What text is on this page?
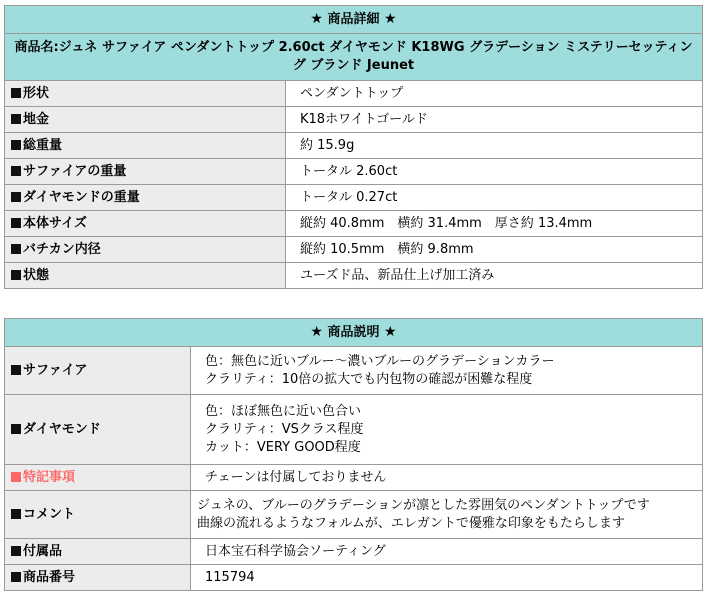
★ 商品詳細 ★	
商品名:ジュネ サファイア ペンダントトップ 2.60ct ダイヤモンド K18WG グラデーション ミステリーセッティング ブランド Jeunet	
形状	ペンダントトップ
地金	K18ホワイトゴールド
総重量	約 15.9g
サファイアの重量	トータル 2.60ct
ダイヤモンドの重量	トータル 0.27ct
本体サイズ	縦約 40.8mm　横約 31.4mm　厚さ約 13.4mm
バチカン内径	縦約 10.5mm　横約 9.8mm
状態	ユーズド品、新品仕上げ加工済み
★ 商品説明 ★	
サファイア	色：無色に近いブルー～濃いブルーのグラデーションカラー
クラリティ：10倍の拡大でも内包物の確認が困難な程度

ダイヤモンド	色：ほぼ無色に近い色合い
クラリティ：VSクラス程度
カット：VERY GOOD程度

特記事項	チェーンは付属しておりません

コメント	ジュネの、ブルーのグラデーションが凛とした雰囲気のペンダントトップです
曲線の流れるようなフォルムが、エレガントで優雅な印象をもたらします

付属品	日本宝石科学協会ソーティング

商品番号	115794
